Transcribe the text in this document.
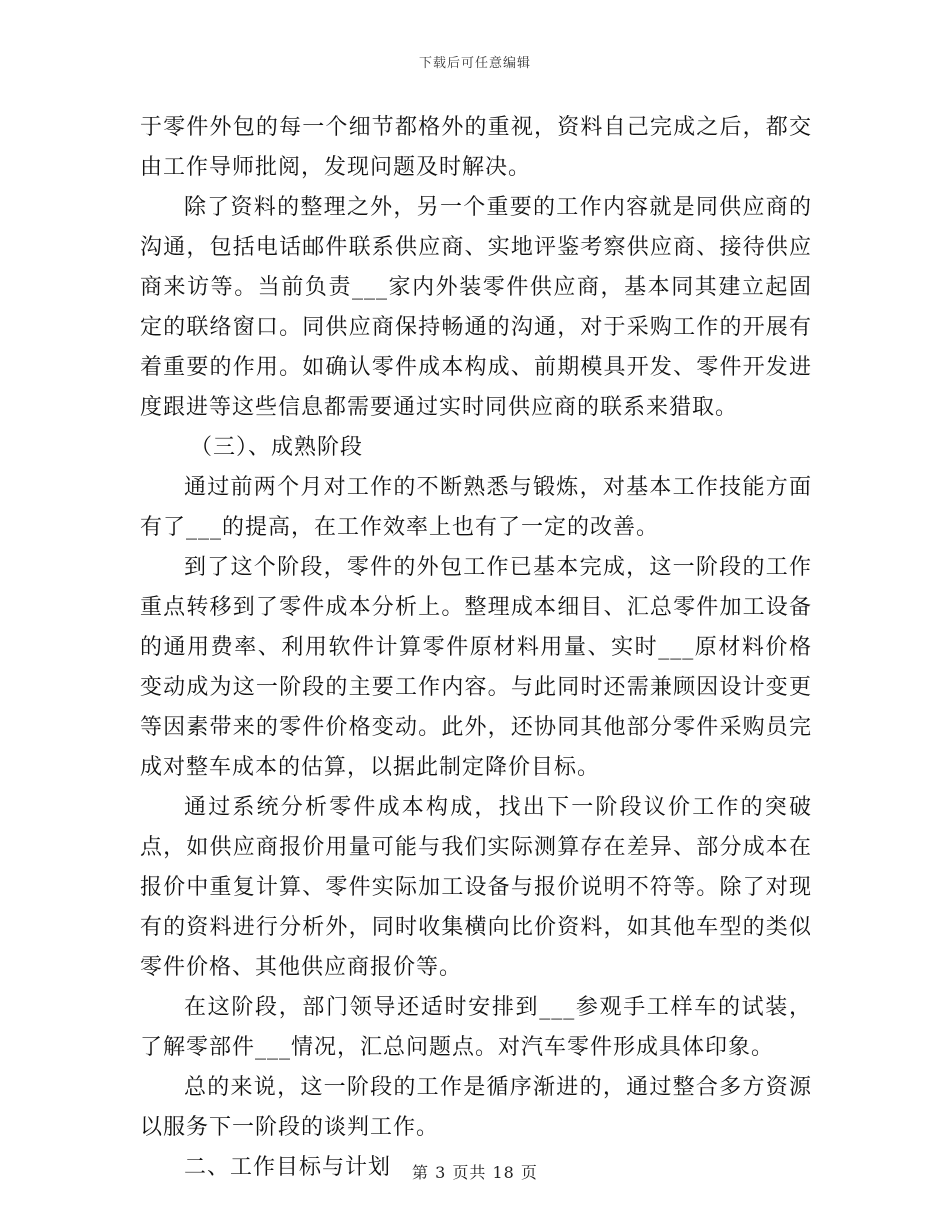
下载后可任意编辑

于零件外包的每一个细节都格外的重视，资料自己完成之后，都交由工作导师批阅，发现问题及时解决。

除了资料的整理之外，另一个重要的工作内容就是同供应商的沟通，包括电话邮件联系供应商、实地评鉴考察供应商、接待供应商来访等。当前负责___家内外装零件供应商，基本同其建立起固定的联络窗口。同供应商保持畅通的沟通，对于采购工作的开展有着重要的作用。如确认零件成本构成、前期模具开发、零件开发进度跟进等这些信息都需要通过实时同供应商的联系来猎取。

（三）、成熟阶段

通过前两个月对工作的不断熟悉与锻炼，对基本工作技能方面有了___的提高，在工作效率上也有了一定的改善。

到了这个阶段，零件的外包工作已基本完成，这一阶段的工作重点转移到了零件成本分析上。整理成本细目、汇总零件加工设备的通用费率、利用软件计算零件原材料用量、实时___原材料价格变动成为这一阶段的主要工作内容。与此同时还需兼顾因设计变更等因素带来的零件价格变动。此外，还协同其他部分零件采购员完成对整车成本的估算，以据此制定降价目标。

通过系统分析零件成本构成，找出下一阶段议价工作的突破点，如供应商报价用量可能与我们实际测算存在差异、部分成本在报价中重复计算、零件实际加工设备与报价说明不符等。除了对现有的资料进行分析外，同时收集横向比价资料，如其他车型的类似零件价格、其他供应商报价等。

在这阶段，部门领导还适时安排到___参观手工样车的试装，了解零部件___情况，汇总问题点。对汽车零件形成具体印象。

总的来说，这一阶段的工作是循序渐进的，通过整合多方资源以服务下一阶段的谈判工作。

二、工作目标与计划	第 3 页共 18 页
